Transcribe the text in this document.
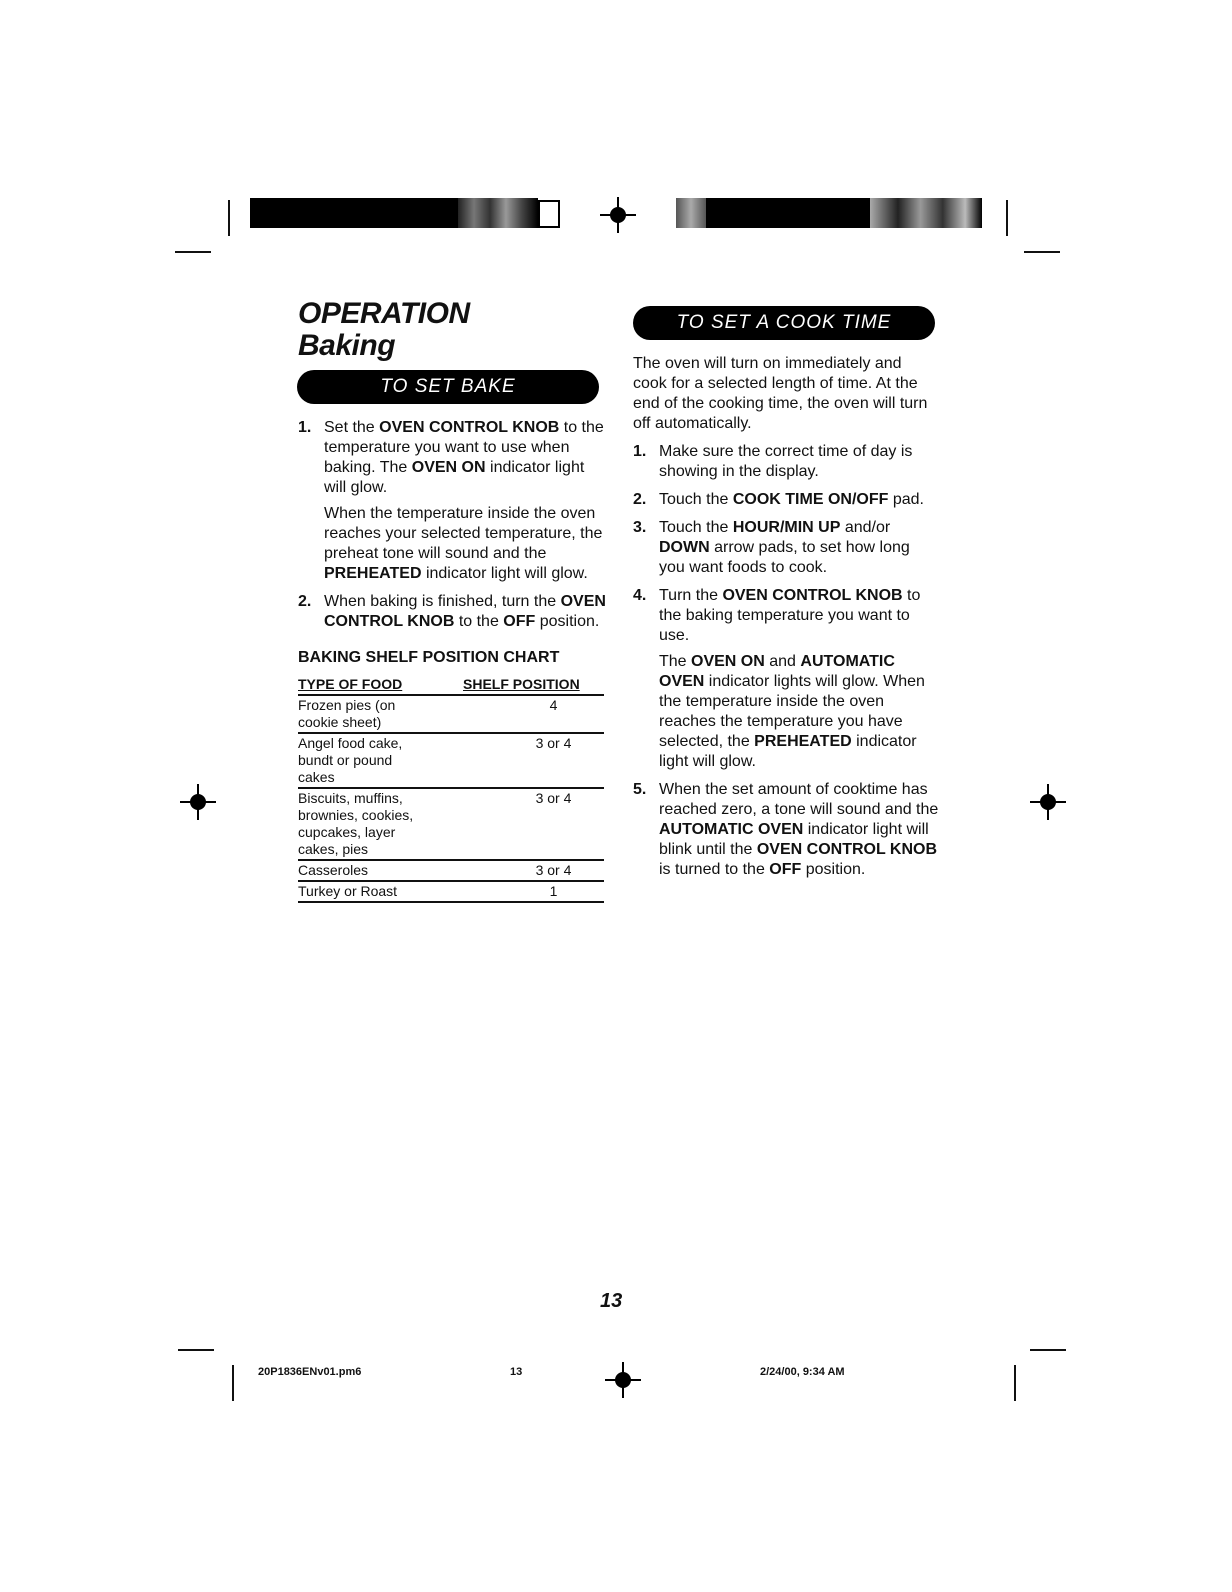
OPERATION
Baking
TO SET BAKE
1. Set the OVEN CONTROL KNOB to the temperature you want to use when baking. The OVEN ON indicator light will glow.

When the temperature inside the oven reaches your selected temperature, the preheat tone will sound and the PREHEATED indicator light will glow.

2. When baking is finished, turn the OVEN CONTROL KNOB to the OFF position.

BAKING SHELF POSITION CHART
TYPE OF FOOD	SHELF POSITION
Frozen pies (on cookie sheet)	4
Angel food cake, bundt or pound cakes	3 or 4
Biscuits, muffins, brownies, cookies, cupcakes, layer cakes, pies	3 or 4
Casseroles	3 or 4
Turkey or Roast	1
TO SET A COOK TIME

The oven will turn on immediately and cook for a selected length of time. At the end of the cooking time, the oven will turn off automatically.

1. Make sure the correct time of day is showing in the display.

2. Touch the COOK TIME ON/OFF pad.

3. Touch the HOUR/MIN UP and/or DOWN arrow pads, to set how long you want foods to cook.

4. Turn the OVEN CONTROL KNOB to the baking temperature you want to use.

The OVEN ON and AUTOMATIC OVEN indicator lights will glow. When the temperature inside the oven reaches the temperature you have selected, the PREHEATED indicator light will glow.

5. When the set amount of cooktime has reached zero, a tone will sound and the AUTOMATIC OVEN indicator light will blink until the OVEN CONTROL KNOB is turned to the OFF position.

13
20P1836ENv01.pm6	13	2/24/00, 9:34 AM
